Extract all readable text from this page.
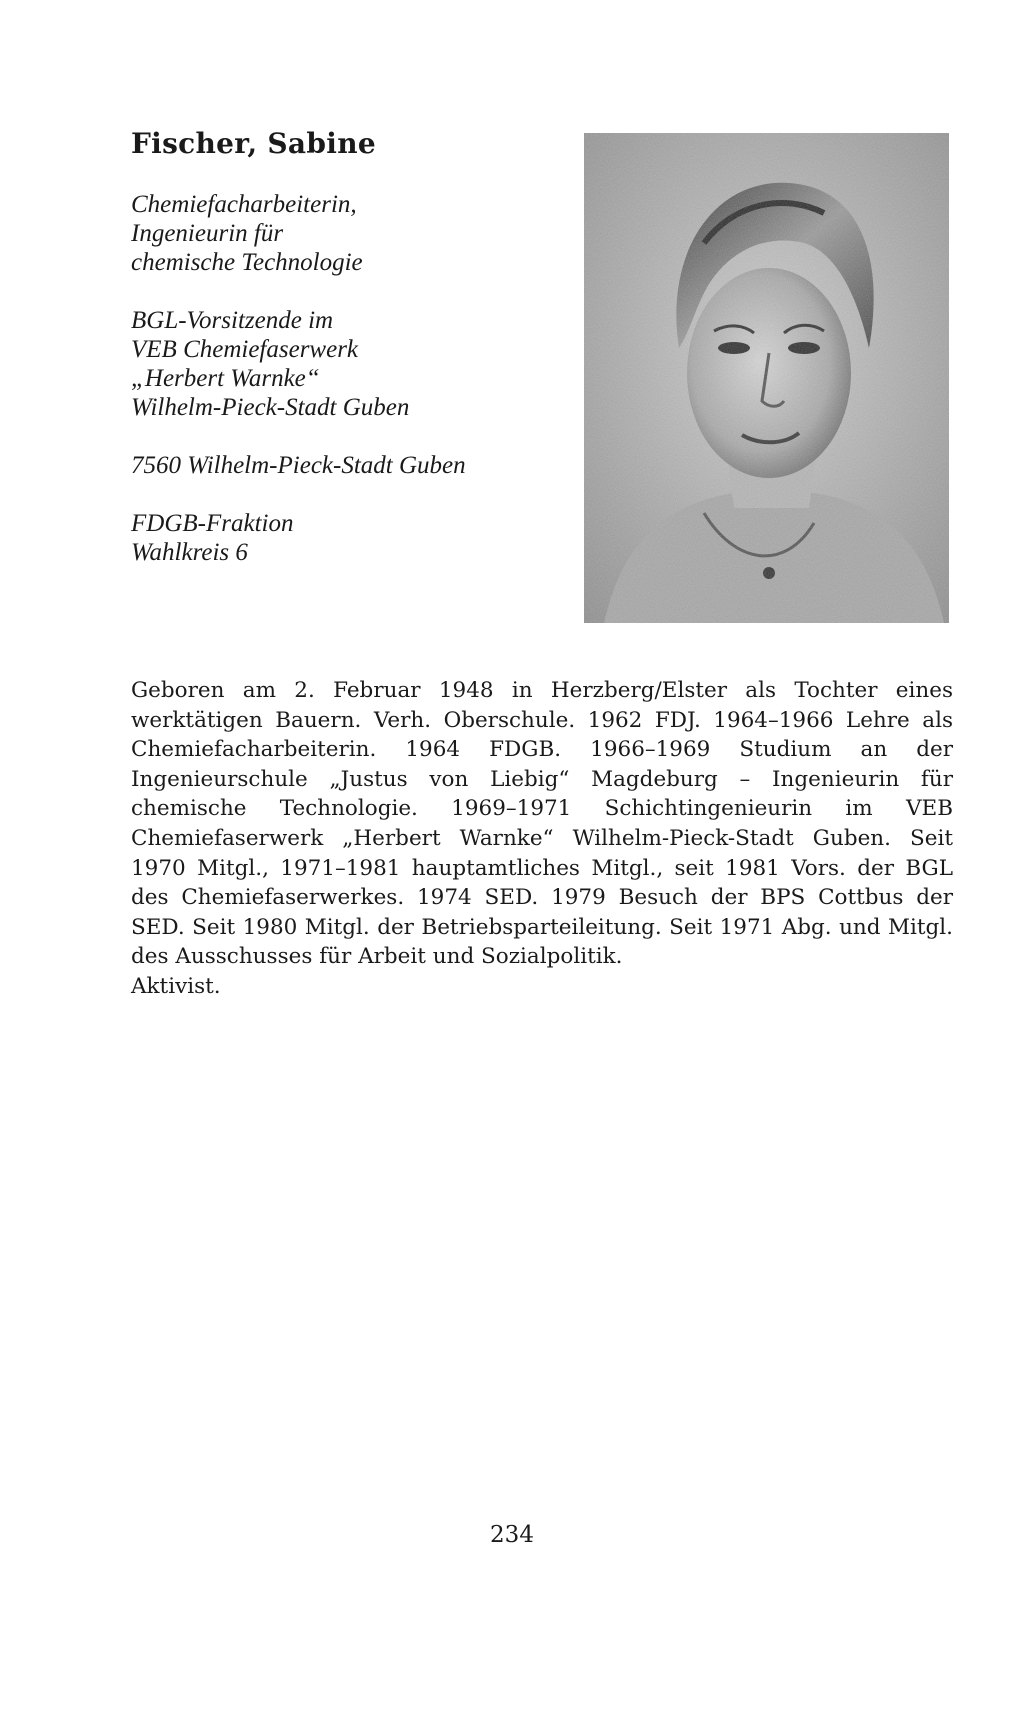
Fischer, Sabine
Chemiefacharbeiterin,
Ingenieurin für
chemische Technologie
BGL-Vorsitzende im
VEB Chemiefaserwerk
„Herbert Warnke“
Wilhelm-Pieck-Stadt Guben
7560 Wilhelm-Pieck-Stadt Guben
FDGB-Fraktion
Wahlkreis 6

Geboren am 2. Februar 1948 in Herzberg/Elster als Tochter eines werktätigen Bauern. Verh. Oberschule. 1962 FDJ. 1964–1966 Lehre als Chemiefacharbeiterin. 1964 FDGB. 1966–1969 Studium an der Ingenieurschule „Justus von Liebig“ Magdeburg – Ingenieurin für chemische Technologie. 1969–1971 Schichtingenieurin im VEB Chemiefaserwerk „Herbert Warnke“ Wilhelm-Pieck-Stadt Guben. Seit 1970 Mitgl., 1971–1981 hauptamtliches Mitgl., seit 1981 Vors. der BGL des Chemiefaserwerkes. 1974 SED. 1979 Besuch der BPS Cottbus der SED. Seit 1980 Mitgl. der Betriebsparteileitung. Seit 1971 Abg. und Mitgl. des Ausschusses für Arbeit und Sozialpolitik.

Aktivist.

234
